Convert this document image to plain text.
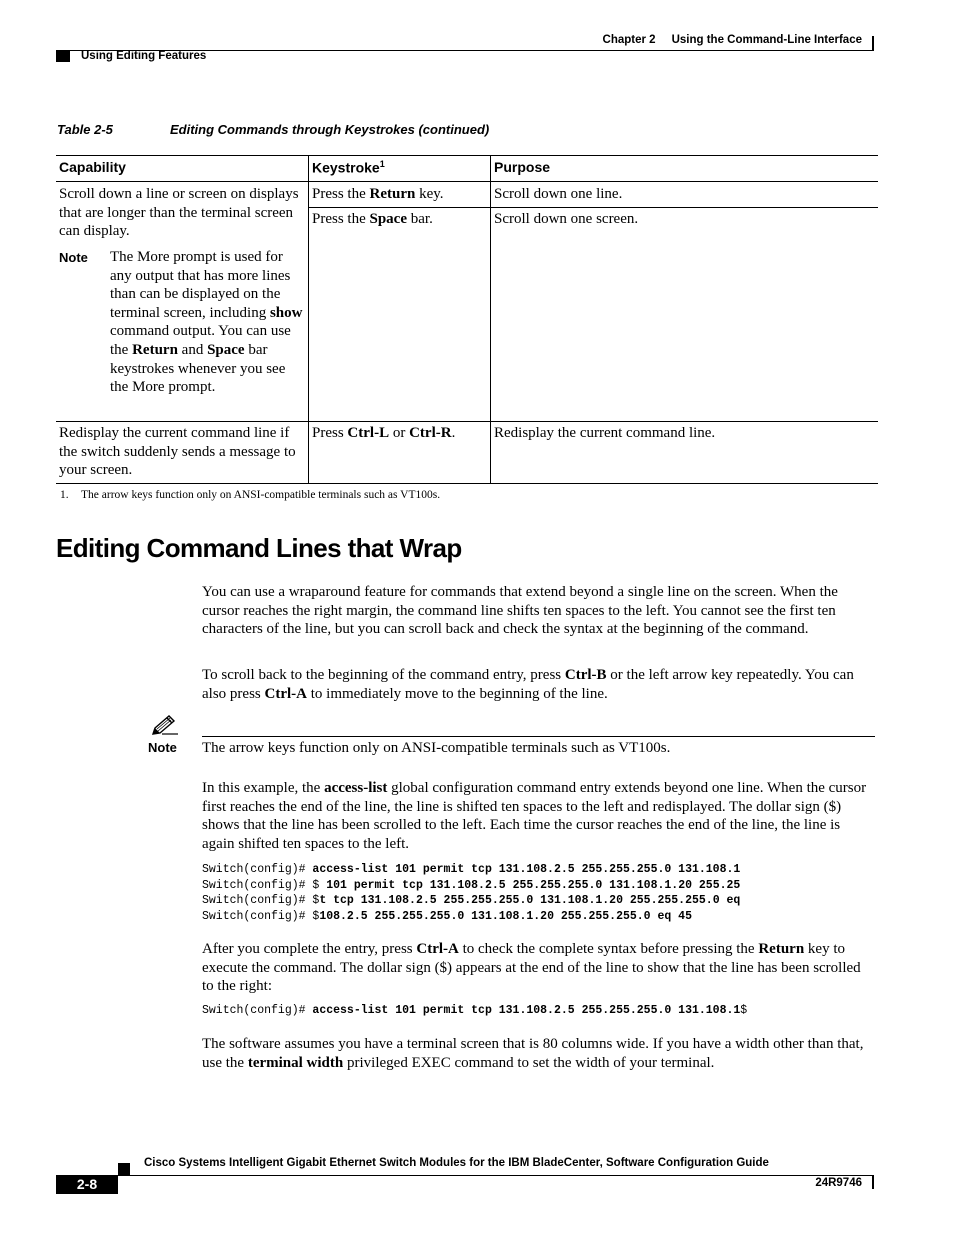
Chapter 2 Using the Command-Line Interface
Using Editing Features
Table 2-5	Editing Commands through Keystrokes (continued)
Capability	Keystroke$^1$	Purpose
Scroll down a line or screen on displays that are longer than the terminal screen can display.
Note The More prompt is used for any output that has more lines than can be displayed on the terminal screen, including show command output. You can use the Return and Space bar keystrokes whenever you see the More prompt.
Press the Return key.	Scroll down one line.
Press the Space bar.	Scroll down one screen.
Redisplay the current command line if the switch suddenly sends a message to your screen.
Press Ctrl-L or Ctrl-R.	Redisplay the current command line.
1. The arrow keys function only on ANSI-compatible terminals such as VT100s.
Editing Command Lines that Wrap
You can use a wraparound feature for commands that extend beyond a single line on the screen. When the cursor reaches the right margin, the command line shifts ten spaces to the left. You cannot see the first ten characters of the line, but you can scroll back and check the syntax at the beginning of the command.
To scroll back to the beginning of the command entry, press Ctrl-B or the left arrow key repeatedly. You can also press Ctrl-A to immediately move to the beginning of the line.
Note The arrow keys function only on ANSI-compatible terminals such as VT100s.
In this example, the access-list global configuration command entry extends beyond one line. When the cursor first reaches the end of the line, the line is shifted ten spaces to the left and redisplayed. The dollar sign ($) shows that the line has been scrolled to the left. Each time the cursor reaches the end of the line, the line is again shifted ten spaces to the left.
Switch(config)# access-list 101 permit tcp 131.108.2.5 255.255.255.0 131.108.1
Switch(config)# $ 101 permit tcp 131.108.2.5 255.255.255.0 131.108.1.20 255.25
Switch(config)# $t tcp 131.108.2.5 255.255.255.0 131.108.1.20 255.255.255.0 eq
Switch(config)# $108.2.5 255.255.255.0 131.108.1.20 255.255.255.0 eq 45
After you complete the entry, press Ctrl-A to check the complete syntax before pressing the Return key to execute the command. The dollar sign ($) appears at the end of the line to show that the line has been scrolled to the right:
Switch(config)# access-list 101 permit tcp 131.108.2.5 255.255.255.0 131.108.1$
The software assumes you have a terminal screen that is 80 columns wide. If you have a width other than that, use the terminal width privileged EXEC command to set the width of your terminal.
Cisco Systems Intelligent Gigabit Ethernet Switch Modules for the IBM BladeCenter, Software Configuration Guide
2-8	24R9746
